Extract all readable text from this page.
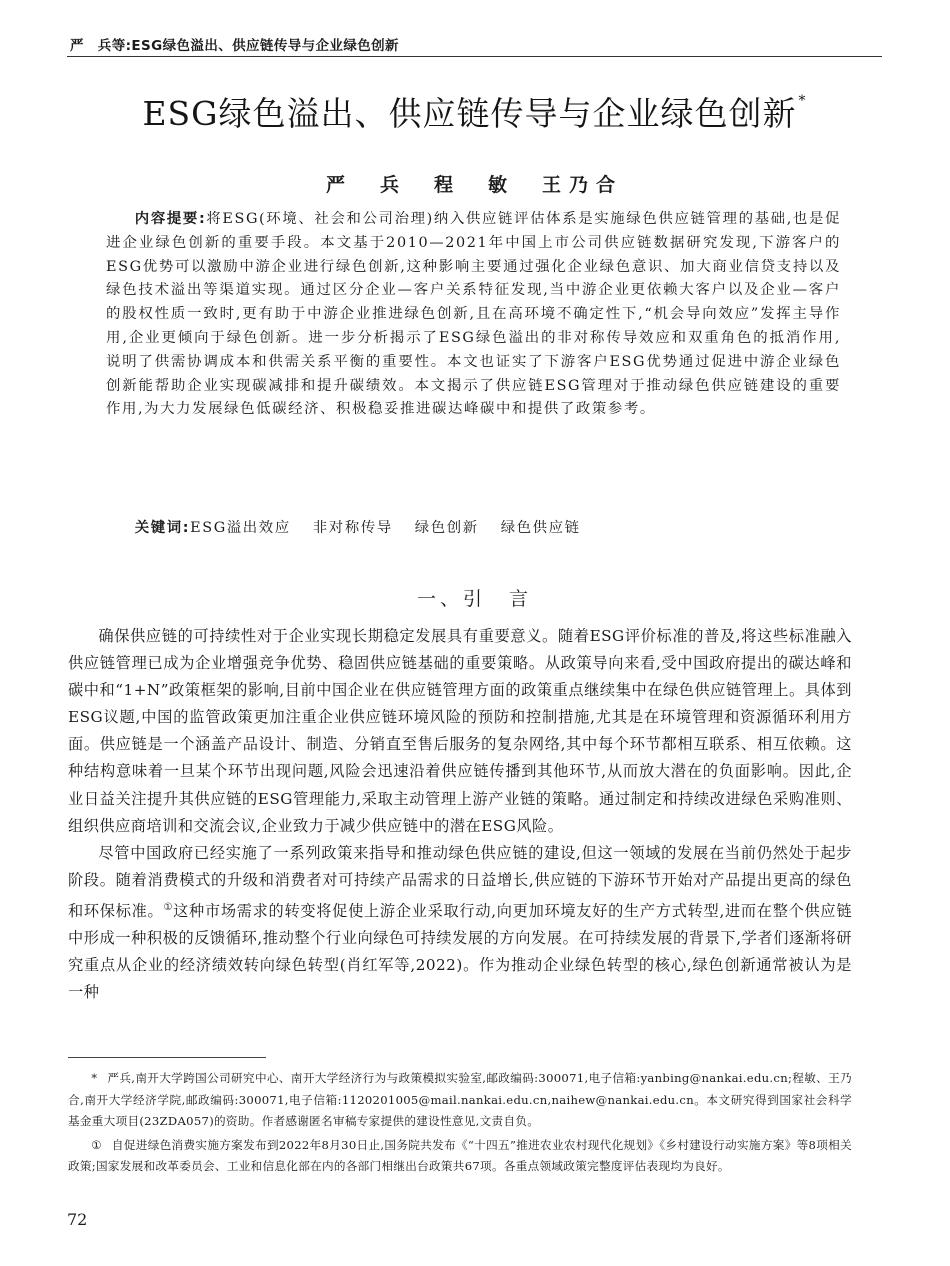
严　兵等:ESG绿色溢出、供应链传导与企业绿色创新
ESG绿色溢出、供应链传导与企业绿色创新 *
严　兵　程　敏　王乃合

内容提要:将ESG(环境、社会和公司治理)纳入供应链评估体系是实施绿色供应链管理的基础,也是促进企业绿色创新的重要手段。本文基于2010—2021年中国上市公司供应链数据研究发现,下游客户的ESG优势可以激励中游企业进行绿色创新,这种影响主要通过强化企业绿色意识、加大商业信贷支持以及绿色技术溢出等渠道实现。通过区分企业—客户关系特征发现,当中游企业更依赖大客户以及企业—客户的股权性质一致时,更有助于中游企业推进绿色创新,且在高环境不确定性下,“机会导向效应”发挥主导作用,企业更倾向于绿色创新。进一步分析揭示了ESG绿色溢出的非对称传导效应和双重角色的抵消作用,说明了供需协调成本和供需关系平衡的重要性。本文也证实了下游客户ESG优势通过促进中游企业绿色创新能帮助企业实现碳减排和提升碳绩效。本文揭示了供应链ESG管理对于推动绿色供应链建设的重要作用,为大力发展绿色低碳经济、积极稳妥推进碳达峰碳中和提供了政策参考。

关键词:ESG溢出效应 非对称传导 绿色创新 绿色供应链

一、引　言

确保供应链的可持续性对于企业实现长期稳定发展具有重要意义。随着ESG评价标准的普及,将这些标准融入供应链管理已成为企业增强竞争优势、稳固供应链基础的重要策略。从政策导向来看,受中国政府提出的碳达峰和碳中和“1+N”政策框架的影响,目前中国企业在供应链管理方面的政策重点继续集中在绿色供应链管理上。具体到ESG议题,中国的监管政策更加注重企业供应链环境风险的预防和控制措施,尤其是在环境管理和资源循环利用方面。供应链是一个涵盖产品设计、制造、分销直至售后服务的复杂网络,其中每个环节都相互联系、相互依赖。这种结构意味着一旦某个环节出现问题,风险会迅速沿着供应链传播到其他环节,从而放大潜在的负面影响。因此,企业日益关注提升其供应链的ESG管理能力,采取主动管理上游产业链的策略。通过制定和持续改进绿色采购准则、组织供应商培训和交流会议,企业致力于减少供应链中的潜在ESG风险。

尽管中国政府已经实施了一系列政策来指导和推动绿色供应链的建设,但这一领域的发展在当前仍然处于起步阶段。随着消费模式的升级和消费者对可持续产品需求的日益增长,供应链的下游环节开始对产品提出更高的绿色和环保标准。①这种市场需求的转变将促使上游企业采取行动,向更加环境友好的生产方式转型,进而在整个供应链中形成一种积极的反馈循环,推动整个行业向绿色可持续发展的方向发展。在可持续发展的背景下,学者们逐渐将研究重点从企业的经济绩效转向绿色转型(肖红军等,2022)。作为推动企业绿色转型的核心,绿色创新通常被认为是一种

* 严兵,南开大学跨国公司研究中心、南开大学经济行为与政策模拟实验室,邮政编码:300071,电子信箱:yanbing@nankai.edu.cn;程敏、王乃合,南开大学经济学院,邮政编码:300071,电子信箱:1120201005@mail.nankai.edu.cn,naihew@nankai.edu.cn。本文研究得到国家社会科学基金重大项目(23ZDA057)的资助。作者感谢匿名审稿专家提供的建设性意见,文责自负。

① 自促进绿色消费实施方案发布到2022年8月30日止,国务院共发布《“十四五”推进农业农村现代化规划》《乡村建设行动实施方案》等8项相关政策;国家发展和改革委员会、工业和信息化部在内的各部门相继出台政策共67项。各重点领域政策完整度评估表现均为良好。

72
